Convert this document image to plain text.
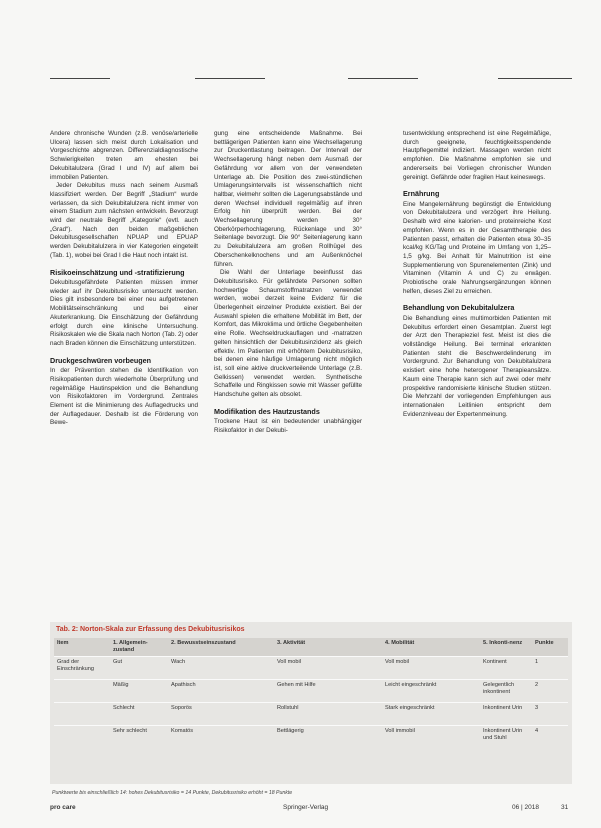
Andere chronische Wunden (z.B. venöse/arterielle Ulcera) lassen sich meist durch Lokalisation und Vorgeschichte abgrenzen. Differenzialdiagnostische Schwierigkeiten treten am ehesten bei Dekubitalulzera (Grad I und IV) auf allem bei immobilen Patienten.

Jeder Dekubitus muss nach seinem Ausmaß klassifiziert werden. Der Begriff „Stadium“ wurde verlassen, da sich Dekubitalulzera nicht immer von einem Stadium zum nächsten entwickeln. Bevorzugt wird der neutrale Begriff „Kategorie“ (evtl. auch „Grad“). Nach den beiden maßgeblichen Dekubitusgesellschaften NPUAP und EPUAP werden Dekubitalulzera in vier Kategorien eingeteilt (Tab. 1), wobei bei Grad I die Haut noch intakt ist.

Risikoeinschätzung und -stratifizierung

Dekubitusgefährdete Patienten müssen immer wieder auf ihr Dekubitusrisiko untersucht werden. Dies gilt insbesondere bei einer neu aufgetretenen Mobilitätseinschränkung und bei einer Akuterkrankung. Die Einschätzung der Gefährdung erfolgt durch eine klinische Untersuchung. Risikoskalen wie die Skala nach Norton (Tab. 2) oder nach Braden können die Einschätzung unterstützen.

Druckgeschwüren vorbeugen

In der Prävention stehen die Identifikation von Risikopatienten durch wiederholte Überprüfung und regelmäßige Hautinspektion und die Behandlung von Risikofaktoren im Vordergrund. Zentrales Element ist die Minimierung des Auflagedrucks und der Auflagedauer. Deshalb ist die Förderung von Bewe-

gung eine entscheidende Maßnahme. Bei bettlägerigen Patienten kann eine Wechsellagerung zur Druckentlastung beitragen. Der Intervall der Wechsellagerung hängt neben dem Ausmaß der Gefährdung vor allem von der verwendeten Unterlage ab. Die Position des zwei-stündlichen Umlagerungsintervalls ist wissenschaftlich nicht haltbar, vielmehr sollten die Lagerungsabstände und deren Wechsel individuell regelmäßig auf ihren Erfolg hin überprüft werden. Bei der Wechsellagerung werden 30° Oberkörperhochlagerung, Rückenlage und 30° Seitenlage bevorzugt. Die 90° Seitenlagerung kann zu Dekubitalulzera am großen Rollhügel des Oberschenkelknochens und am Außenknöchel führen.

Die Wahl der Unterlage beeinflusst das Dekubitusrisiko. Für gefährdete Personen sollten hochwertige Schaumstoffmatratzen verwendet werden, wobei derzeit keine Evidenz für die Überlegenheit einzelner Produkte existiert. Bei der Auswahl spielen die erhaltene Mobilität im Bett, der Komfort, das Mikroklima und örtliche Gegebenheiten eine Rolle. Wechseldruckauflagen und -matratzen gelten hinsichtlich der Dekubitusinzidenz als gleich effektiv. Im Patienten mit erhöhtem Dekubitusrisiko, bei denen eine häufige Umlagerung nicht möglich ist, soll eine aktive druckverteilende Unterlage (z.B. Gelkissen) verwendet werden. Synthetische Schaffelle und Ringkissen sowie mit Wasser gefüllte Handschuhe gelten als obsolet.

Modifikation des Hautzustands

Trockene Haut ist ein bedeutender unabhängiger Risikofaktor in der Dekubi-

tusentwicklung entsprechend ist eine Regelmäßige, durch geeignete, feuchtigkeitsspendende Hautpflegemittel indiziert. Massagen werden nicht empfohlen. Die Maßnahme empfohlen sie und andererseits bei Vorliegen chronischer Wunden gereinigt. Gefährde oder fragilen Haut keineswegs.

Ernährung

Eine Mangelernährung begünstigt die Entwicklung von Dekubitalulzera und verzögert ihre Heilung. Deshalb wird eine kalorien- und proteinreiche Kost empfohlen. Wenn es in der Gesamttherapie des Patienten passt, erhalten die Patienten etwa 30–35 kcal/kg KG/Tag und Proteine im Umfang von 1,25–1,5 g/kg. Bei Anhalt für Malnutrition ist eine Supplementierung von Spurenelementen (Zink) und Vitaminen (Vitamin A und C) zu erwägen. Probiotische orale Nahrungsergänzungen können helfen, dieses Ziel zu erreichen.

Behandlung von Dekubitalulzera

Die Behandlung eines multimorbiden Patienten mit Dekubitus erfordert einen Gesamtplan. Zuerst legt der Arzt den Therapieziel fest. Meist ist dies die vollständige Heilung. Bei terminal erkrankten Patienten steht die Beschwerdelinderung im Vordergrund. Zur Behandlung von Dekubitalulzera existiert eine hohe heterogener Therapieansätze. Kaum eine Therapie kann sich auf zwei oder mehr prospektive randomisierte klinische Studien stützen. Die Mehrzahl der vorliegenden Empfehlungen aus internationalen Leitlinien entspricht dem Evidenzniveau der Expertenmeinung.

Tab. 2: Norton-Skala zur Erfassung des Dekubitusrisikos
Item	1. Allgemein-zustand	2. Bewusstseinszustand	3. Aktivität	4. Mobilität	5. Inkonti-nenz	Punkte
Grad der Einschränkung	Gut	Wach	Voll mobil	Voll mobil	Kontinent	1
	Mäßig	Apathisch	Gehen mit Hilfe	Leicht eingeschränkt	Gelegentlich inkontinent	2
	Schlecht	Soporös	Rollstuhl	Stark eingeschränkt	Inkontinent Urin	3
	Sehr schlecht	Komatös	Bettlägerig	Voll immobil	Inkontinent Urin und Stuhl	4
Punktwerte bis einschließlich 14: hohes Dekubitusrisiko = 14 Punkte, Dekubitusrisiko erhöht = 18 Punkte
pro care	Springer-Verlag	06 | 2018	31
